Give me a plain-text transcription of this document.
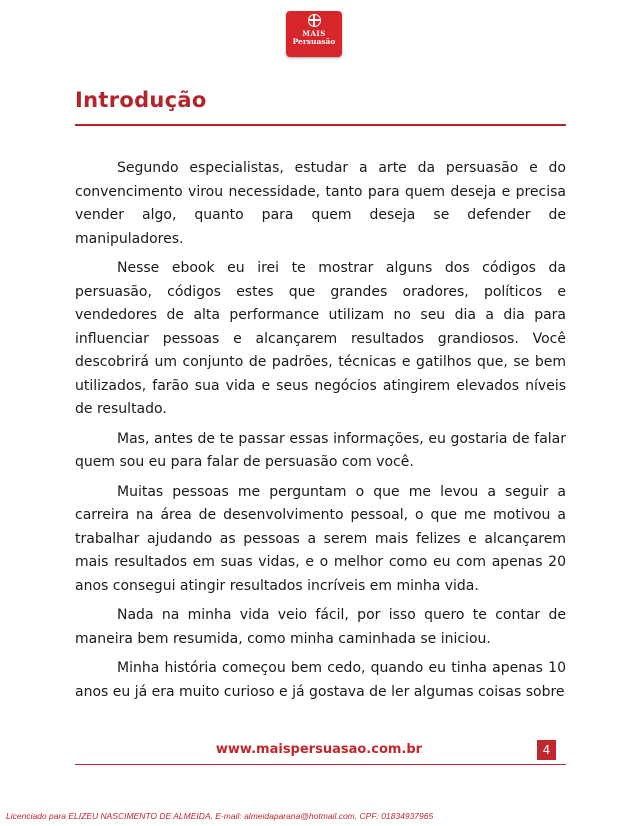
MAIS
Persuasão
Introdução

Segundo especialistas, estudar a arte da persuasão e do convencimento virou necessidade, tanto para quem deseja e precisa vender algo, quanto para quem deseja se defender de manipuladores.

Nesse ebook eu irei te mostrar alguns dos códigos da persuasão, códigos estes que grandes oradores, políticos e vendedores de alta performance utilizam no seu dia a dia para influenciar pessoas e alcançarem resultados grandiosos. Você descobrirá um conjunto de padrões, técnicas e gatilhos que, se bem utilizados, farão sua vida e seus negócios atingirem elevados níveis de resultado.

Mas, antes de te passar essas informações, eu gostaria de falar quem sou eu para falar de persuasão com você.

Muitas pessoas me perguntam o que me levou a seguir a carreira na área de desenvolvimento pessoal, o que me motivou a trabalhar ajudando as pessoas a serem mais felizes e alcançarem mais resultados em suas vidas, e o melhor como eu com apenas 20 anos consegui atingir resultados incríveis em minha vida.

Nada na minha vida veio fácil, por isso quero te contar de maneira bem resumida, como minha caminhada se iniciou.

Minha história começou bem cedo, quando eu tinha apenas 10 anos eu já era muito curioso e já gostava de ler algumas coisas sobre

www.maispersuasao.com.br	4
Licenciado para ELIZEU NASCIMENTO DE ALMEIDA, E-mail: almeidaparana@hotmail.com, CPF: 01834937965
